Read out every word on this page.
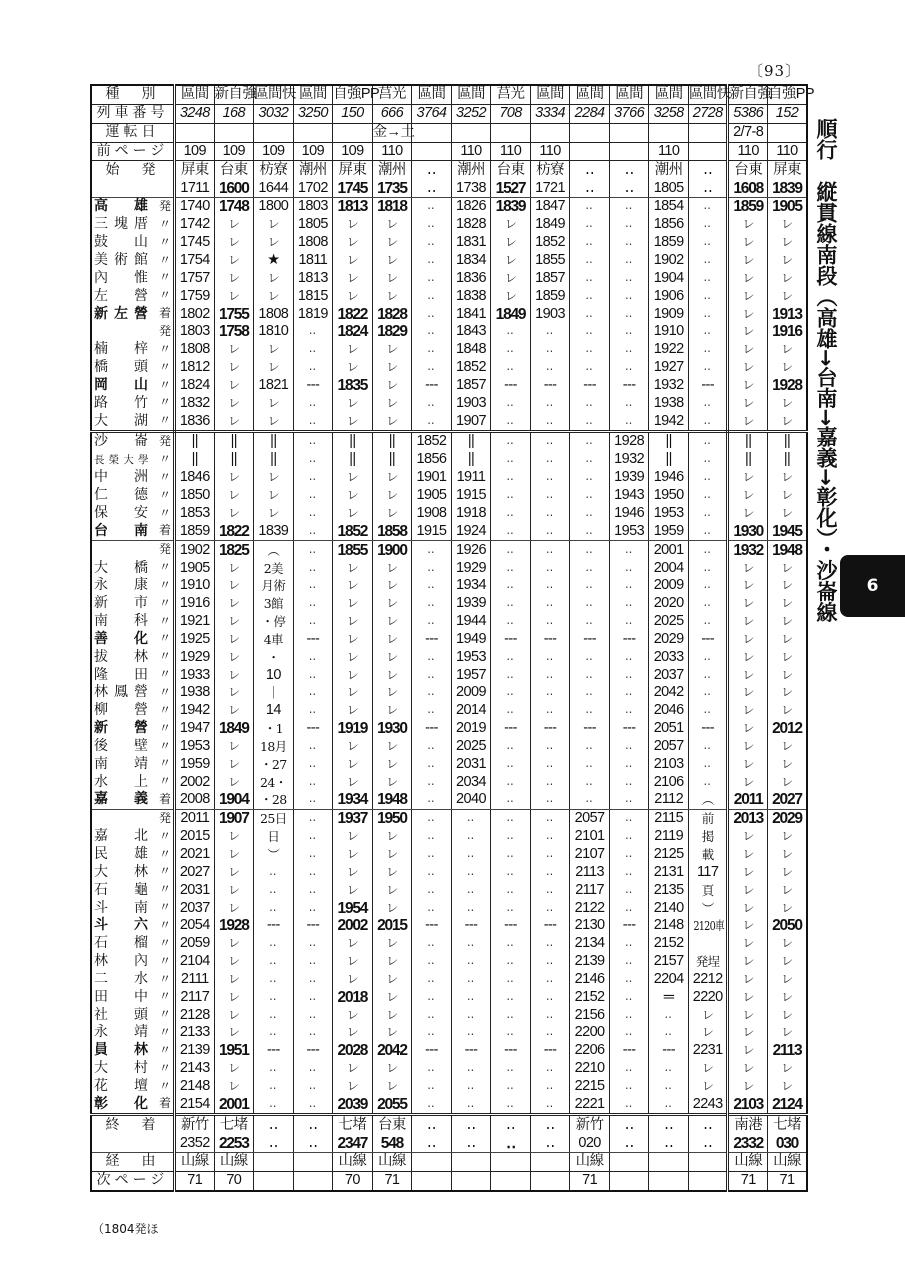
〔93〕
種　別	區間	新自強	區間快	區間	自強PP	莒光	區間	區間	莒光	區間	區間	區間	區間	區間快	新自強	自強PP

列車番号	3248	168	3032	3250	150	666	3764	3252	708	3334	2284	3766	3258	2728	5386	152

運転日						金→土									2/7-8	

前ページ	109	109	109	109	109	110		110	110	110			110		110	110

始　発	屏東	台東	枋寮	潮州	屏東	潮州	‥	潮州	台東	枋寮	‥	‥	潮州	‥	台東	屏東

	1711	1600	1644	1702	1745	1735	‥	1738	1527	1721	‥	‥	1805	‥	1608	1839
高雄 発	1740	1748	1800	1803	1813	1818	‥	1826	1839	1847	‥	‥	1854	‥	1859	1905
三塊厝 〃	1742	レ	レ	1805	レ	レ	‥	1828	レ	1849	‥	‥	1856	‥	レ	レ
鼓山 〃	1745	レ	レ	1808	レ	レ	‥	1831	レ	1852	‥	‥	1859	‥	レ	レ
美術館 〃	1754	レ	★	1811	レ	レ	‥	1834	レ	1855	‥	‥	1902	‥	レ	レ
內惟 〃	1757	レ	レ	1813	レ	レ	‥	1836	レ	1857	‥	‥	1904	‥	レ	レ
左營 〃	1759	レ	レ	1815	レ	レ	‥	1838	レ	1859	‥	‥	1906	‥	レ	レ
新左營 着	1802	1755	1808	1819	1822	1828	‥	1841	1849	1903	‥	‥	1909	‥	レ	1913

発	1803	1758	1810	‥	1824	1829	‥	1843	‥	‥	‥	‥	1910	‥	レ	1916
楠梓 〃	1808	レ	レ	‥	レ	レ	‥	1848	‥	‥	‥	‥	1922	‥	レ	レ
橋頭 〃	1812	レ	レ	‥	レ	レ	‥	1852	‥	‥	‥	‥	1927	‥	レ	レ
岡山 〃	1824	レ	1821	---	1835	レ	---	1857	---	---	---	---	1932	---	レ	1928
路竹 〃	1832	レ	レ	‥	レ	レ	‥	1903	‥	‥	‥	‥	1938	‥	レ	レ
大湖 〃	1836	レ	レ	‥	レ	レ	‥	1907	‥	‥	‥	‥	1942	‥	レ	レ
沙崙 発	||	||	||	‥	||	||	1852	||	‥	‥	‥	1928	||	‥	||	||
長榮大學 〃	||	||	||	‥	||	||	1856	||	‥	‥	‥	1932	||	‥	||	||
中洲 〃	1846	レ	レ	‥	レ	レ	1901	1911	‥	‥	‥	1939	1946	‥	レ	レ
仁德 〃	1850	レ	レ	‥	レ	レ	1905	1915	‥	‥	‥	1943	1950	‥	レ	レ
保安 〃	1853	レ	レ	‥	レ	レ	1908	1918	‥	‥	‥	1946	1953	‥	レ	レ
台南 着	1859	1822	1839	‥	1852	1858	1915	1924	‥	‥	‥	1953	1959	‥	1930	1945

発	1902	1825	︵	‥	1855	1900	‥	1926	‥	‥	‥	‥	2001	‥	1932	1948
大橋 〃	1905	レ	2美	‥	レ	レ	‥	1929	‥	‥	‥	‥	2004	‥	レ	レ
永康 〃	1910	レ	月術	‥	レ	レ	‥	1934	‥	‥	‥	‥	2009	‥	レ	レ
新市 〃	1916	レ	3館	‥	レ	レ	‥	1939	‥	‥	‥	‥	2020	‥	レ	レ
南科 〃	1921	レ	・停	‥	レ	レ	‥	1944	‥	‥	‥	‥	2025	‥	レ	レ
善化 〃	1925	レ	4車	---	レ	レ	---	1949	---	---	---	---	2029	---	レ	レ
拔林 〃	1929	レ	・	‥	レ	レ	‥	1953	‥	‥	‥	‥	2033	‥	レ	レ
隆田 〃	1933	レ	10	‥	レ	レ	‥	1957	‥	‥	‥	‥	2037	‥	レ	レ
林鳳營 〃	1938	レ	｜	‥	レ	レ	‥	2009	‥	‥	‥	‥	2042	‥	レ	レ
柳營 〃	1942	レ	14	‥	レ	レ	‥	2014	‥	‥	‥	‥	2046	‥	レ	レ
新營 〃	1947	1849	・1	---	1919	1930	---	2019	---	---	---	---	2051	---	レ	2012
後壁 〃	1953	レ	18月	‥	レ	レ	‥	2025	‥	‥	‥	‥	2057	‥	レ	レ
南靖 〃	1959	レ	・27	‥	レ	レ	‥	2031	‥	‥	‥	‥	2103	‥	レ	レ
水上 〃	2002	レ	24・	‥	レ	レ	‥	2034	‥	‥	‥	‥	2106	‥	レ	レ
嘉義 着	2008	1904	・28	‥	1934	1948	‥	2040	‥	‥	‥	‥	2112	︵	2011	2027

発	2011	1907	25日	‥	1937	1950	‥	‥	‥	‥	2057	‥	2115	前	2013	2029
嘉北 〃	2015	レ	日	‥	レ	レ	‥	‥	‥	‥	2101	‥	2119	掲	レ	レ
民雄 〃	2021	レ	︶	‥	レ	レ	‥	‥	‥	‥	2107	‥	2125	載	レ	レ
大林 〃	2027	レ	‥	‥	レ	レ	‥	‥	‥	‥	2113	‥	2131	117	レ	レ
石龜 〃	2031	レ	‥	‥	レ	レ	‥	‥	‥	‥	2117	‥	2135	頁	レ	レ
斗南 〃	2037	レ	‥	‥	1954	レ	‥	‥	‥	‥	2122	‥	2140	︶	レ	レ
斗六 〃	2054	1928	---	---	2002	2015	---	---	---	---	2130	---	2148	2120車	レ	2050
石榴 〃	2059	レ	‥	‥	レ	レ	‥	‥	‥	‥	2134	‥	2152		レ	レ
林內 〃	2104	レ	‥	‥	レ	レ	‥	‥	‥	‥	2139	‥	2157	発埕	レ	レ
二水 〃	2111	レ	‥	‥	レ	レ	‥	‥	‥	‥	2146	‥	2204	2212	レ	レ
田中 〃	2117	レ	‥	‥	2018	レ	‥	‥	‥	‥	2152	‥	═	2220	レ	レ
社頭 〃	2128	レ	‥	‥	レ	レ	‥	‥	‥	‥	2156	‥	‥	レ	レ	レ
永靖 〃	2133	レ	‥	‥	レ	レ	‥	‥	‥	‥	2200	‥	‥	レ	レ	レ
員林 〃	2139	1951	---	---	2028	2042	---	---	---	---	2206	---	---	2231	レ	2113
大村 〃	2143	レ	‥	‥	レ	レ	‥	‥	‥	‥	2210	‥	‥	レ	レ	レ
花壇 〃	2148	レ	‥	‥	レ	レ	‥	‥	‥	‥	2215	‥	‥	レ	レ	レ
彰化 着	2154	2001	‥	‥	2039	2055	‥	‥	‥	‥	2221	‥	‥	2243	2103	2124

終　着	新竹	七堵	‥	‥	七堵	台東	‥	‥	‥	‥	新竹	‥	‥	‥	南港	七堵

	2352	2253	‥	‥	2347	548	‥	‥	‥	‥	020	‥	‥	‥	2332	030

経　由	山線	山線			山線	山線					山線				山線	山線

次ページ	71	70			70	71					71				71	71
（1804発ほ
順行　縦貫線南段（高雄→台南→嘉義→彰化）・沙崙線	6
